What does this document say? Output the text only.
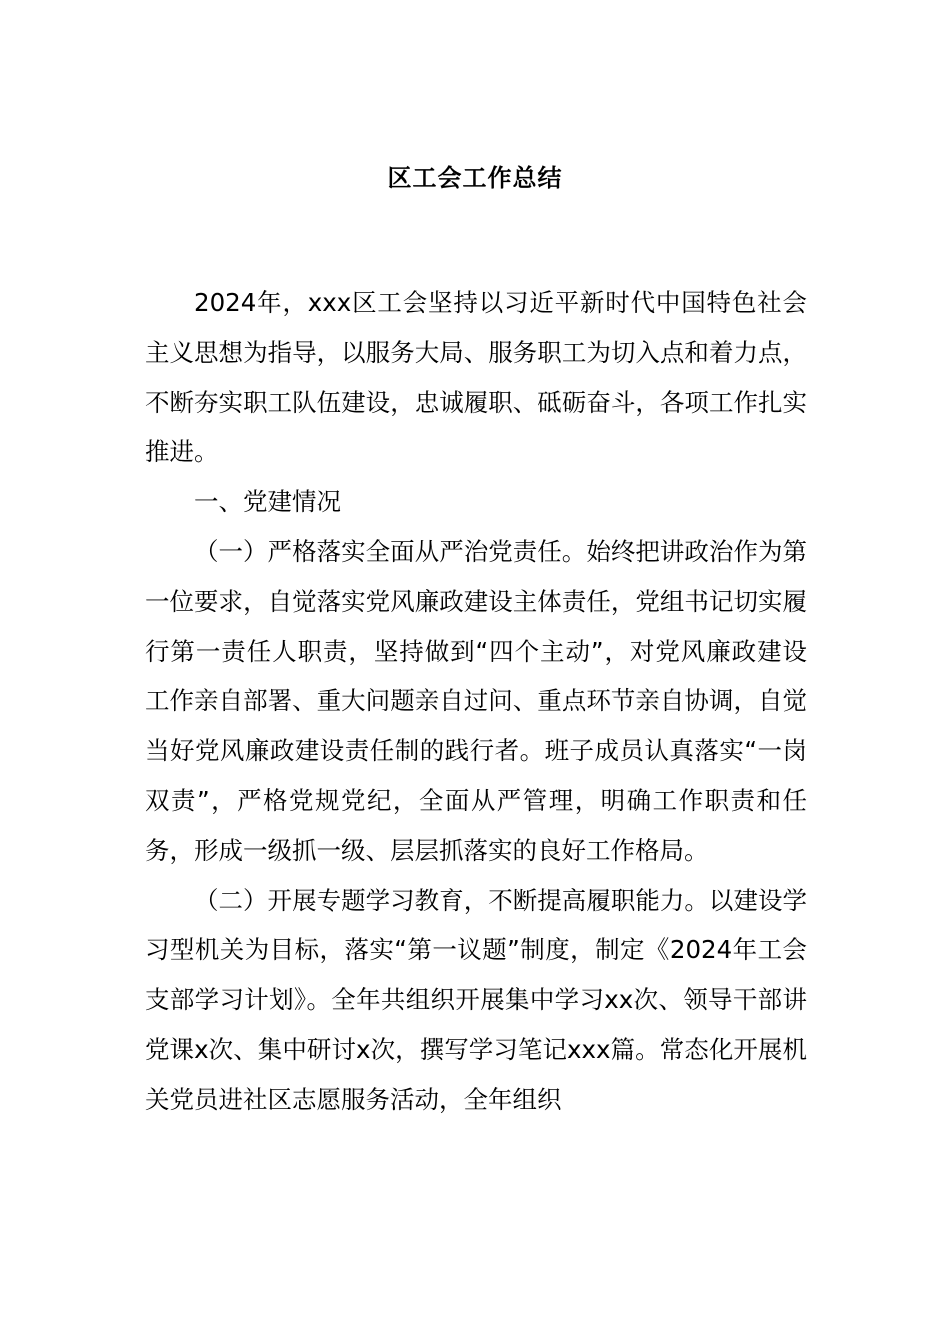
区工会工作总结

2024年，xxx区工会坚持以习近平新时代中国特色社会主义思想为指导，以服务大局、服务职工为切入点和着力点，不断夯实职工队伍建设，忠诚履职、砥砺奋斗，各项工作扎实推进。

一、党建情况

（一）严格落实全面从严治党责任。始终把讲政治作为第一位要求，自觉落实党风廉政建设主体责任，党组书记切实履行第一责任人职责，坚持做到“四个主动”，对党风廉政建设工作亲自部署、重大问题亲自过问、重点环节亲自协调，自觉当好党风廉政建设责任制的践行者。班子成员认真落实“一岗双责”，严格党规党纪，全面从严管理，明确工作职责和任务，形成一级抓一级、层层抓落实的良好工作格局。

（二）开展专题学习教育，不断提高履职能力。以建设学习型机关为目标，落实“第一议题”制度，制定《2024年工会支部学习计划》。全年共组织开展集中学习xx次、领导干部讲党课x次、集中研讨x次，撰写学习笔记xxx篇。常态化开展机关党员进社区志愿服务活动，全年组织
